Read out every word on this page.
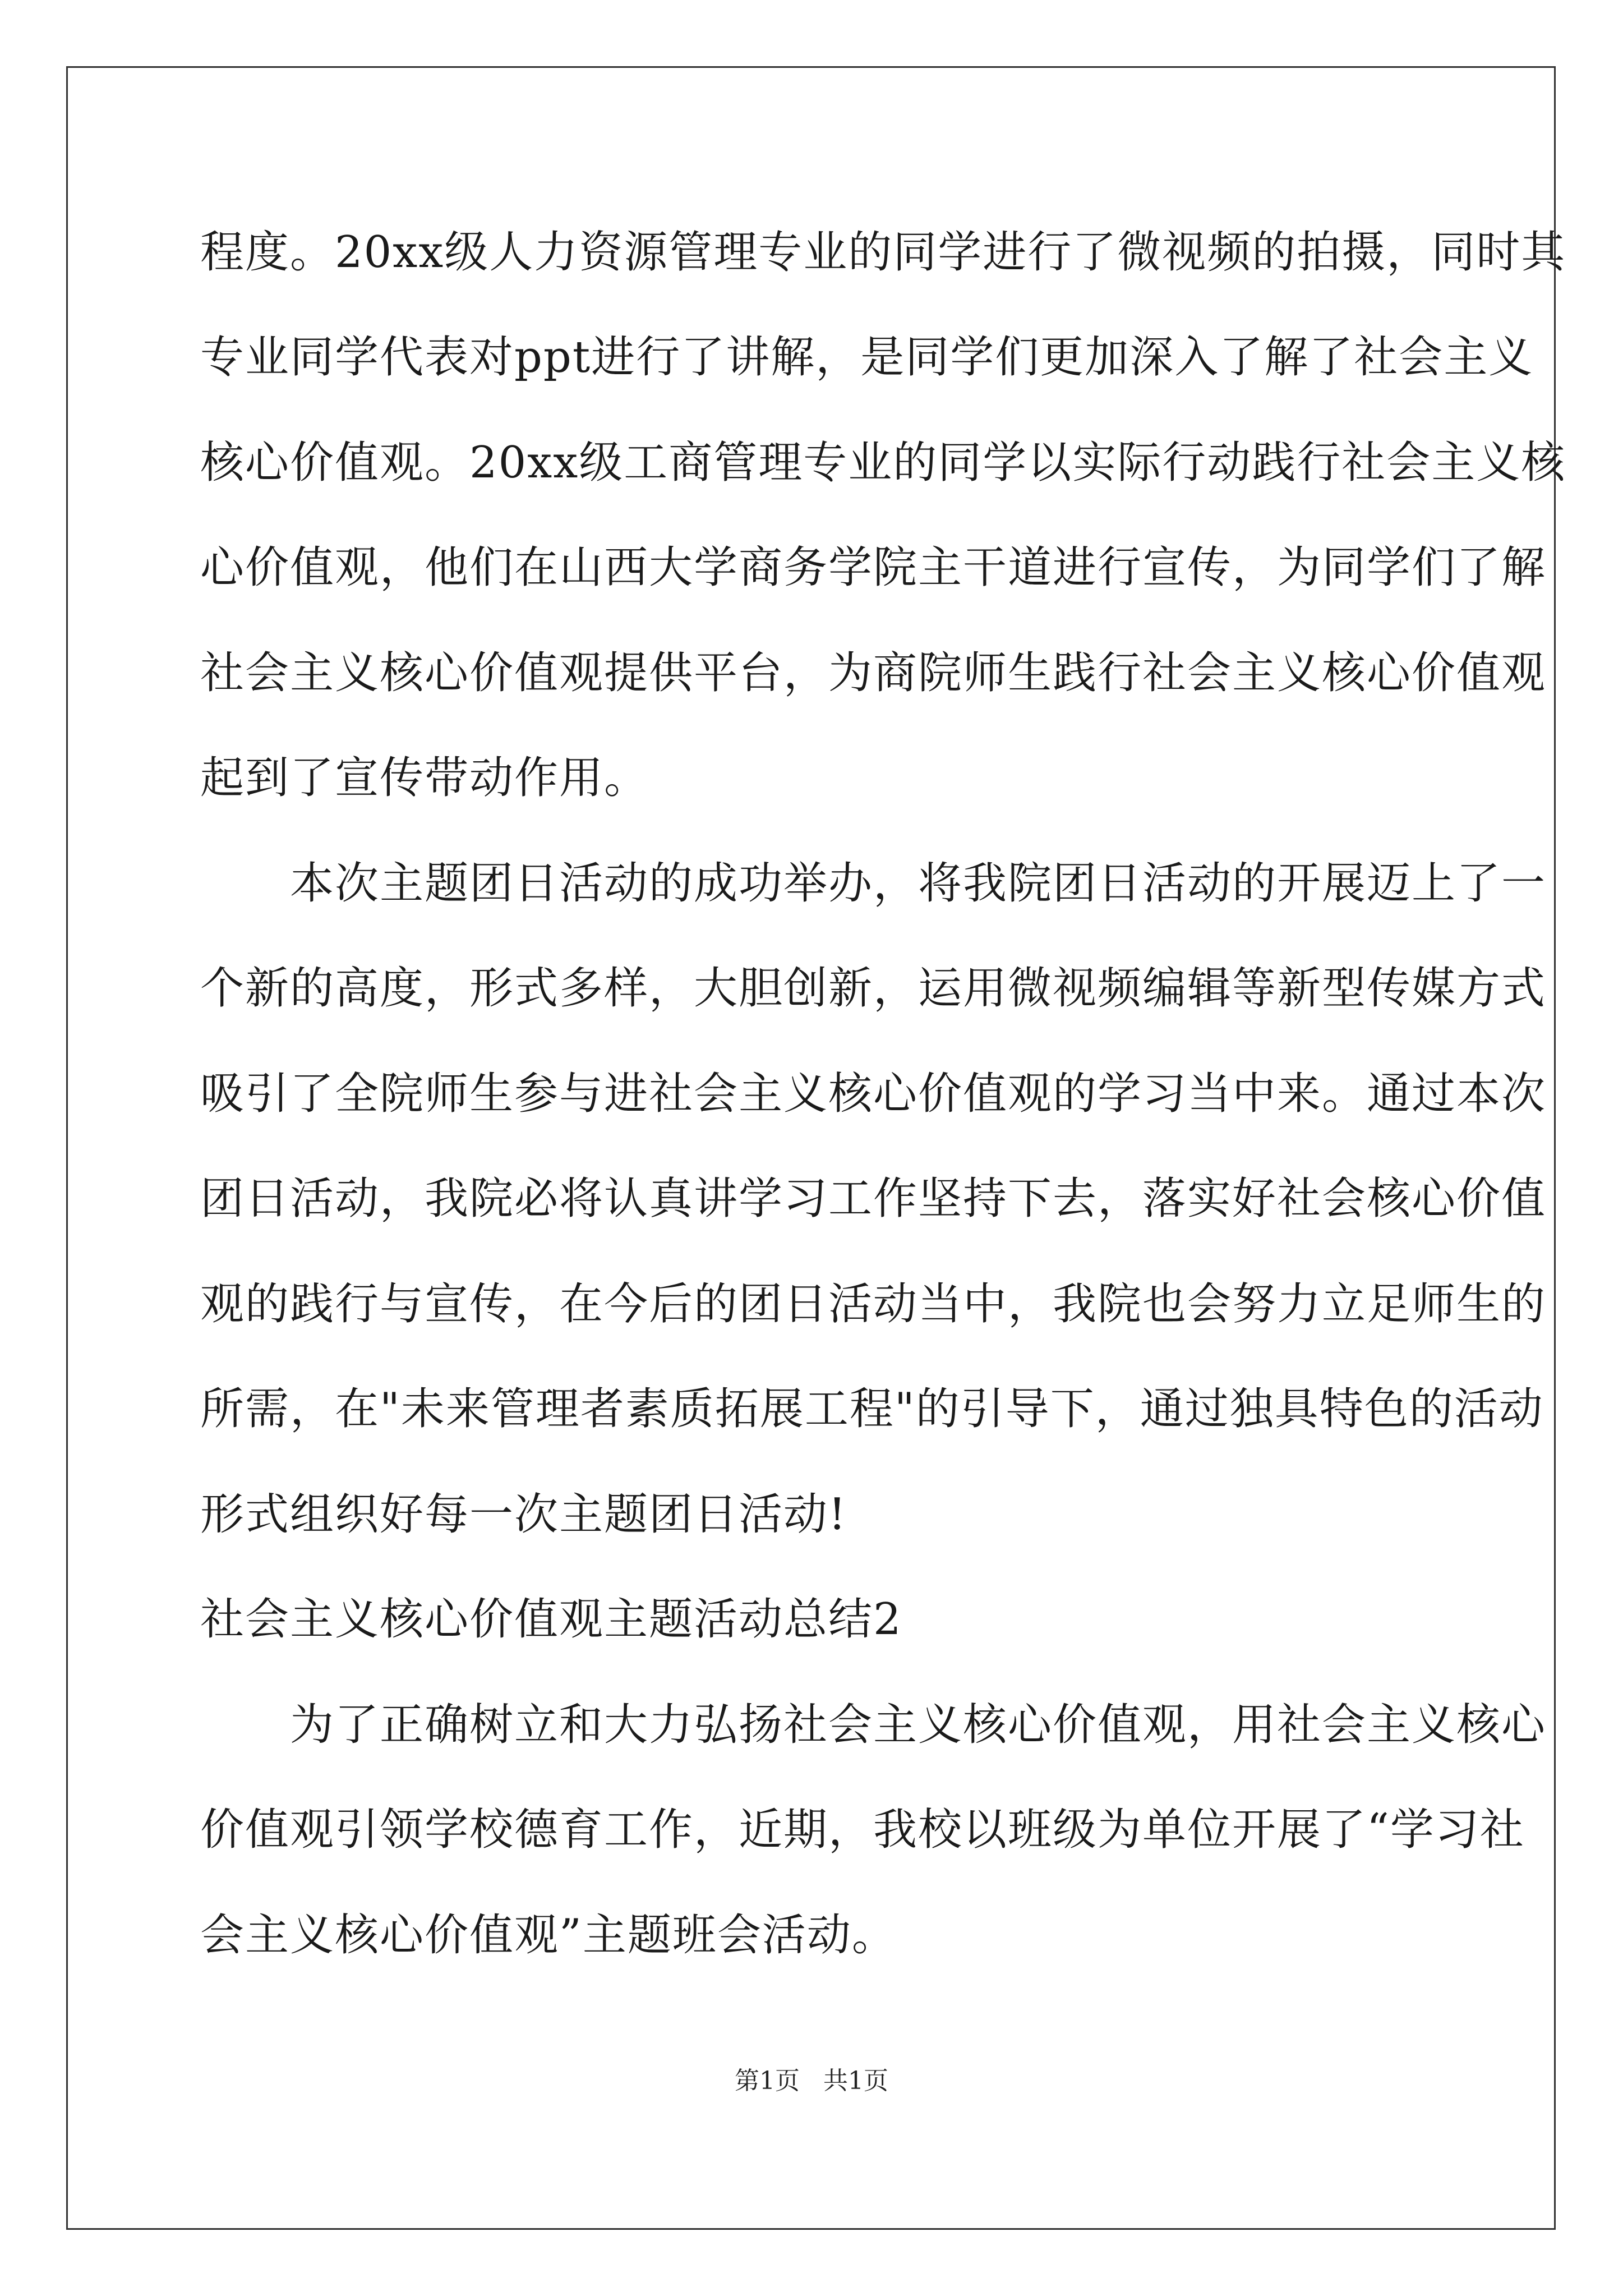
程度。20xx级人力资源管理专业的同学进行了微视频的拍摄，同时其
专业同学代表对ppt进行了讲解，是同学们更加深入了解了社会主义
核心价值观。20xx级工商管理专业的同学以实际行动践行社会主义核
心价值观，他们在山西大学商务学院主干道进行宣传，为同学们了解
社会主义核心价值观提供平台，为商院师生践行社会主义核心价值观
起到了宣传带动作用。
　　本次主题团日活动的成功举办，将我院团日活动的开展迈上了一
个新的高度，形式多样，大胆创新，运用微视频编辑等新型传媒方式
吸引了全院师生参与进社会主义核心价值观的学习当中来。通过本次
团日活动，我院必将认真讲学习工作坚持下去，落实好社会核心价值
观的践行与宣传，在今后的团日活动当中，我院也会努力立足师生的
所需，在"未来管理者素质拓展工程"的引导下，通过独具特色的活动
形式组织好每一次主题团日活动!
社会主义核心价值观主题活动总结2
　　为了正确树立和大力弘扬社会主义核心价值观，用社会主义核心
价值观引领学校德育工作，近期，我校以班级为单位开展了“学习社
会主义核心价值观”主题班会活动。
第1页 共1页
